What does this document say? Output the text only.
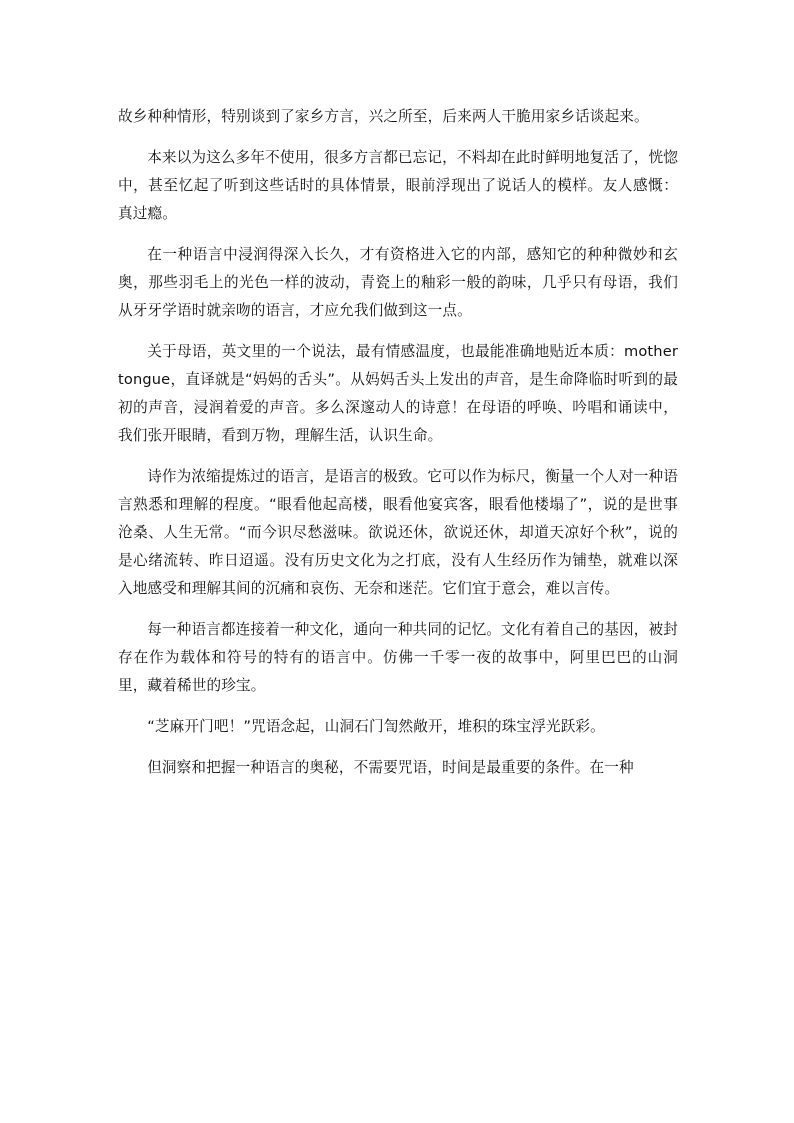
故乡种种情形，特别谈到了家乡方言，兴之所至，后来两人干脆用家乡话谈起来。

本来以为这么多年不使用，很多方言都已忘记，不料却在此时鲜明地复活了，恍惚中，甚至忆起了听到这些话时的具体情景，眼前浮现出了说话人的模样。友人感慨：真过瘾。

在一种语言中浸润得深入长久，才有资格进入它的内部，感知它的种种微妙和玄奥，那些羽毛上的光色一样的波动，青瓷上的釉彩一般的韵味，几乎只有母语，我们从牙牙学语时就亲吻的语言，才应允我们做到这一点。

关于母语，英文里的一个说法，最有情感温度，也最能准确地贴近本质：mother tongue，直译就是“妈妈的舌头”。从妈妈舌头上发出的声音，是生命降临时听到的最初的声音，浸润着爱的声音。多么深邃动人的诗意！在母语的呼唤、吟唱和诵读中，我们张开眼睛，看到万物，理解生活，认识生命。

诗作为浓缩提炼过的语言，是语言的极致。它可以作为标尺，衡量一个人对一种语言熟悉和理解的程度。“眼看他起高楼，眼看他宴宾客，眼看他楼塌了”，说的是世事沧桑、人生无常。“而今识尽愁滋味。欲说还休，欲说还休，却道天凉好个秋”，说的是心绪流转、昨日迢遥。没有历史文化为之打底，没有人生经历作为铺垫，就难以深入地感受和理解其间的沉痛和哀伤、无奈和迷茫。它们宜于意会，难以言传。

每一种语言都连接着一种文化，通向一种共同的记忆。文化有着自己的基因，被封存在作为载体和符号的特有的语言中。仿佛一千零一夜的故事中，阿里巴巴的山洞里，藏着稀世的珍宝。

“芝麻开门吧！”咒语念起，山洞石门訇然敞开，堆积的珠宝浮光跃彩。

但洞察和把握一种语言的奥秘，不需要咒语，时间是最重要的条件。在一种
